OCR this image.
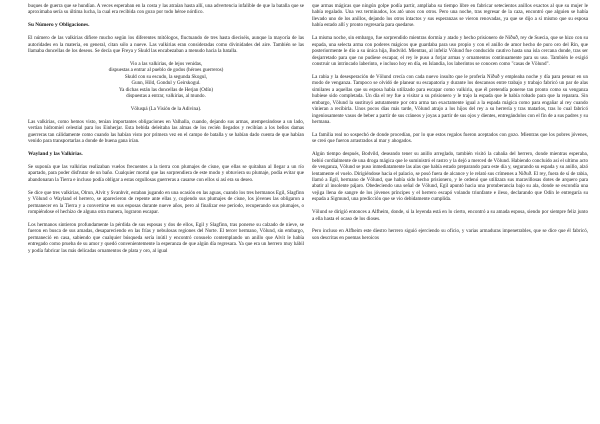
buques de guerra que se hundían. A veces esperaban en la costa y las atraían hasta allí, una advertencia infalible de que la batalla que se aproximaba sería su última lucha, la cual era recibida con gozo por todo héroe nórdico.

Su Número y Obligaciones.

El número de las valkirias difiere mucho según los diferentes mitólogos, fluctuando de tres hasta dieciséis, aunque la mayoría de las autoridades en la materia, en general, citan sólo a nueve. Las valkirias eran consideradas como divinidades del aire. También se las llamaba doncellas de los deseos. Se decía que Freya y Skuld las encabezaban a menudo hacia la batalla.

Vio a las valkirias, de lejos venidas,
dispuestas a entrar al pueblo de godos (héroes guerreros)
Skuld con su escudo, la segunda Skogul,
Gunn, Hild, Gondul y Geirskogul.
Ya dichas están las doncellas de Herjan (Odín)
dispuestas a entrar, valkirias, al mundo.

Völuspá (La Visión de la Adivina).

Las valkirias, como hemos visto, tenían importantes obligaciones en Valhalla, cuando, dejando sus armas, atemperándose a un lado, vertían hidromiel celestial para los Einherjar. Esta bebida deleitaba las almas de los recién llegados y recibían a los bellos damas guerreras tan cálidamente como cuando las habían visto por primera vez en el campo de batalla y se habían dado cuenta de que habían venido para transportarlas a donde de buena gana irían.

Wayland y las Valkirias.

Se suponía que las valkirias realizaban vuelos frecuentes a la tierra con plumajes de cisne, que ellas se quitaban al llegar a un río apartado, para poder disfrutar de un baño. Cualquier mortal que las sorprendiera de este modo y obtuviera su plumaje, podía evitar que abandonaran la Tierra e incluso podía obligar a estas orgullosas guerreras a casarse con ellos si así era su deseo.

Se dice que tres valkirias, Olrun, Alvit y Svanhvit, estaban jugando en una ocasión en las aguas, cuando los tres hermanos Egil, Slagfinn y Völund o Wayland el herrero, se aparecieron de repente ante ellas y, cogiendo sus plumajes de cisne, los jóvenes las obligaron a permanecer en la Tierra y a convertirse en sus esposas durante nueve años, pero al finalizar ese periodo, recuperando sus plumajes, o rompiéndose el hechizo de alguna otra manera, lograron escapar.

Los hermanos sintieron profundamente la pérdida de sus esposas y dos de ellos, Egil y Slagfinn, tras ponerse su calzado de nieve, se fueron en busca de sus amadas, desapareciendo en las frías y nebulosas regiones del Norte. El tercer hermano, Völund, sin embargo, permaneció en casa, sabiendo que cualquier búsqueda sería inútil y encontró consuelo contemplando un anillo que Alvit le había entregado como prueba de su amor y quedó convenientemente la esperanza de que algún día regresara. Ya que era un herrero muy hábil y podía fabricar las más delicadas ornamentos de plata y oro, al igual

que armas mágicas que ningún golpe podía partir, ampliaba su tiempo libre en fabricar setecientos anillos exactos al que su mujer le había regalado. Una vez terminados, los ató unos con otros. Pero una noche, tras regresar de la caza, encontró que alguien se había llevado uno de los anillos, dejando los otros intactos y sus esperanzas se vieron renovadas, ya que se dijo a sí mismo que su esposa había estado allí y pronto regresaría para quedarse.

La misma noche, sin embargo, fue sorprendido mientras dormía y atado y hecho prisionero de Niðuð, rey de Suecia, que se hizo con su espada, una selecta arma con poderes mágicos que guardaba para uso propio y con el anillo de amor hecho de puro oro del Rin, que posteriormente le dio a su única hija, Bodvild. Mientras, al infeliz Völund fue conducido cautivo hasta una isla cercana donde, tras ser desjarretado para que no pudiese escapar, el rey le puso a forjar armas y ornamentos continuamente para su uso. También le exigió construir un intrincado laberinto, e incluso hoy en día, en Islandia, los laberintos se conocen como "casas de Völund".

La rabia y la desesperación de Völund crecía con cada nuevo insulto que le profería Niðuð y empleaba noche y día para pensar en un modo de venganza. Tampoco se olvidó de planear su escapatoria y durante los descansos entre trabajo y trabajo fabricó un par de alas similares a aquellas que su esposa había utilizado para escapar como valkiria, que él pretendía ponerse tan pronto como su venganza hubiese sido completada. Un día el rey fue a visitar a su prisionero y le trajo la espada que le había robado para que la reparara. Sin embargo, Völund la sustituyó astutamente por otra arma tan exactamente igual a la espada mágica como para engañar al rey cuando vinieran a recibirla. Unos pocos días más tarde, Völund atrajo a los hijos del rey a su herrería y tras matarlos, tras lo cual fabricó ingeniosamente vasos de beber a partir de sus cráneos y joyas a partir de sus ojos y dientes, entregándolos con el fin de a sus padres y su hermana.

La familia real no sospechó de donde procedían, por lo que estos regalos fueron aceptados con gozo. Mientras que los pobres jóvenes, se creó que fueron arrastrados al mar y ahogados.

Algún tiempo después, Bodvild, deseando tener su anillo arreglado, también visitó la cabaña del herrero, donde mientras esperaba, bebió cordialmente de una droga mágica que le suministró el rastro y la dejó a merced de Völund. Habiendo concluido así el ultimo acto de venganza, Völund se puso inmediatamente las alas que había estado preparando para este día y, segurando su espada y su anillo, alzó lentamente el vuelo. Dirigiéndose hacia el palacio, se posó fuera de alcance y le relató sus crímenes a Niðuð. El rey, fuera de sí de rabia, llamó a Egil, hermano de Völund, que había sido hecho prisionero, y le ordenó que utilizara sus maravillosas dotes de arquero para abatir al insolente pájaro. Obedeciendo una señal de Völund, Egil apuntó hacia una protuberancia bajo su ala, donde se escondía una vejiga llena de sangre de los jóvenes príncipes y el herrero escapó volando triunfante e ileso, declarando que Odín le entregaría su espada a Sigmund, una predicción que se vio debidamente cumplida.

Völund se dirigió entonces a Alfheim, donde, si la leyenda está en lo cierto, encontró a su amada esposa, siendo por siempre feliz junto a ella hasta el ocaso de los dioses.

Pero incluso en Alfheim este diestro herrero siguió ejerciendo su oficio, y varias armaduras impenetrables, que se dice que él fabricó, son descritas en poemas heroicos
